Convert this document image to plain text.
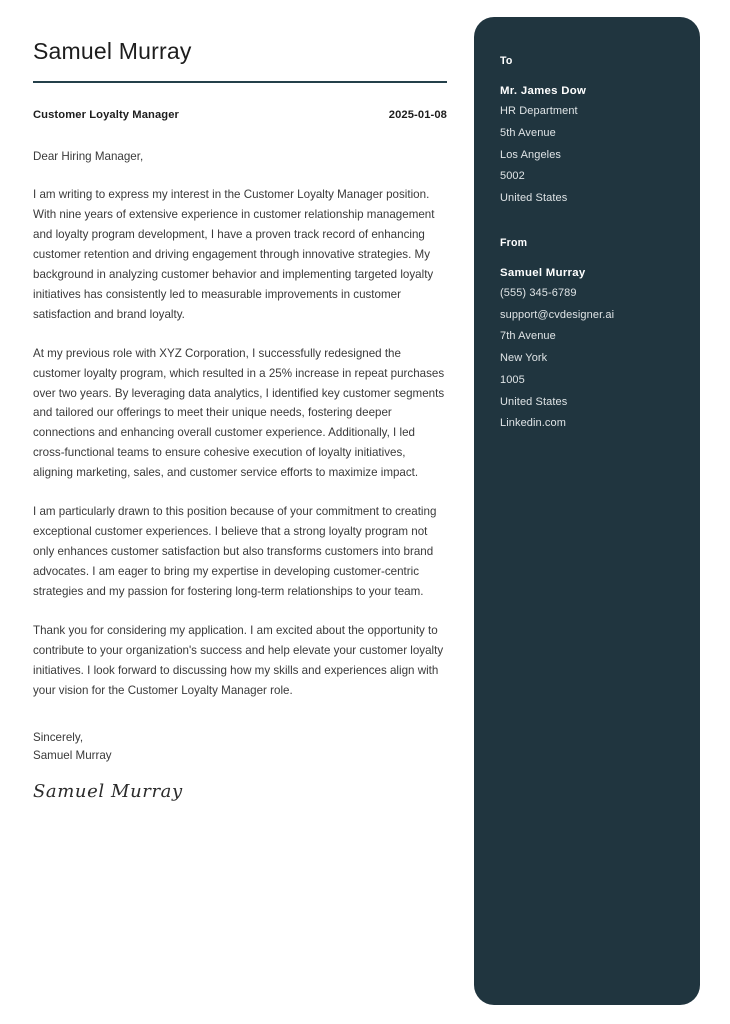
Samuel Murray
Customer Loyalty Manager	2025-01-08
Dear Hiring Manager,

I am writing to express my interest in the Customer Loyalty Manager position. With nine years of extensive experience in customer relationship management and loyalty program development, I have a proven track record of enhancing customer retention and driving engagement through innovative strategies. My background in analyzing customer behavior and implementing targeted loyalty initiatives has consistently led to measurable improvements in customer satisfaction and brand loyalty.

At my previous role with XYZ Corporation, I successfully redesigned the customer loyalty program, which resulted in a 25% increase in repeat purchases over two years. By leveraging data analytics, I identified key customer segments and tailored our offerings to meet their unique needs, fostering deeper connections and enhancing overall customer experience. Additionally, I led cross-functional teams to ensure cohesive execution of loyalty initiatives, aligning marketing, sales, and customer service efforts to maximize impact.

I am particularly drawn to this position because of your commitment to creating exceptional customer experiences. I believe that a strong loyalty program not only enhances customer satisfaction but also transforms customers into brand advocates. I am eager to bring my expertise in developing customer-centric strategies and my passion for fostering long-term relationships to your team.

Thank you for considering my application. I am excited about the opportunity to contribute to your organization's success and help elevate your customer loyalty initiatives. I look forward to discussing how my skills and experiences align with your vision for the Customer Loyalty Manager role.

Sincerely,
Samuel Murray
Samuel Murray
To
Mr. James Dow
HR Department
5th Avenue
Los Angeles
5002
United States
From
Samuel Murray
(555) 345-6789
support@cvdesigner.ai
7th Avenue
New York
1005
United States
Linkedin.com
